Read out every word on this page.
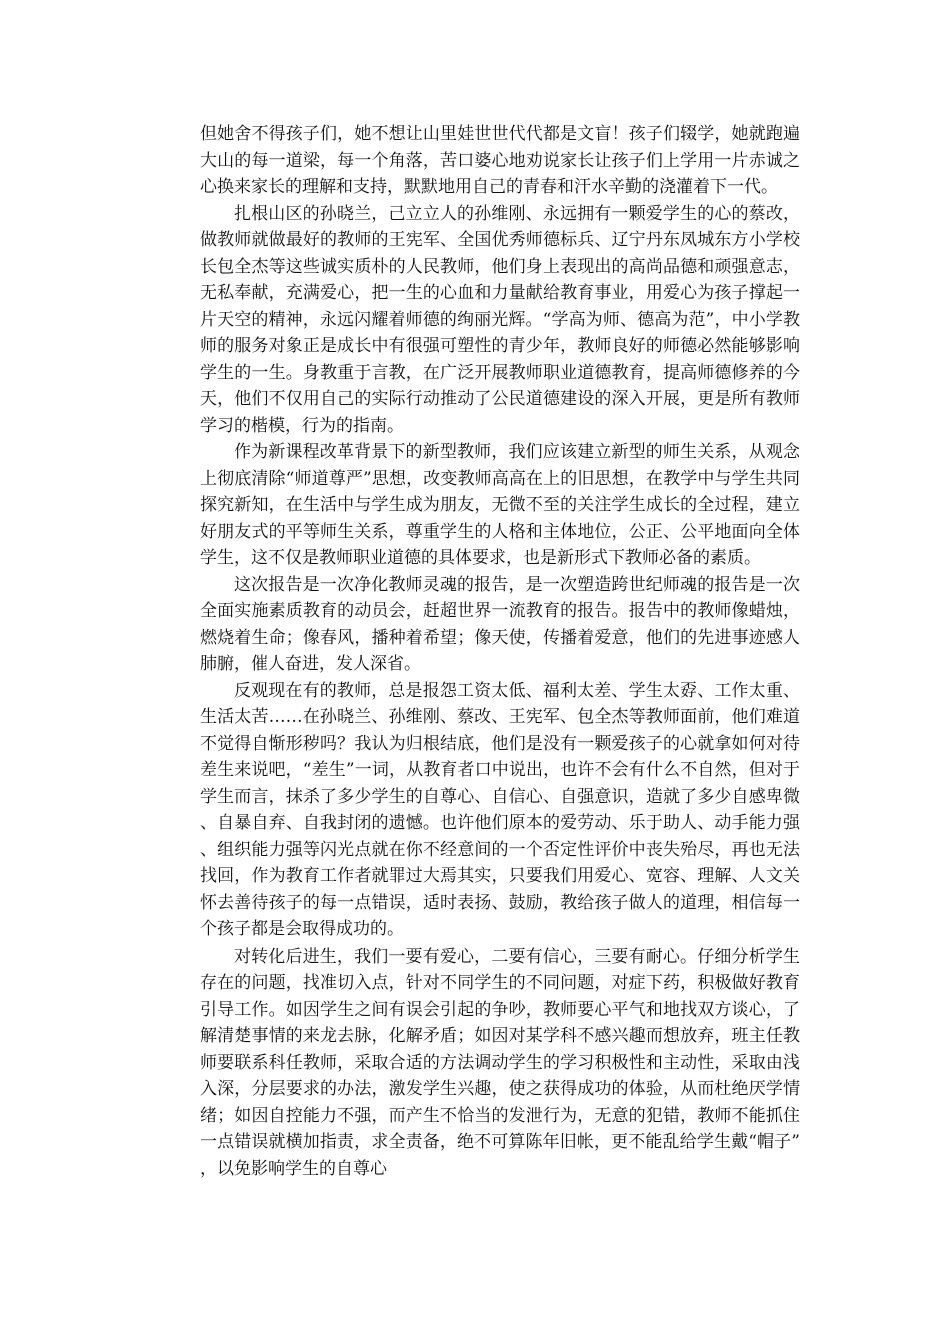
但她舍不得孩子们，她不想让山里娃世世代代都是文盲！孩子们辍学，她就跑遍大山的每一道梁，每一个角落，苦口婆心地劝说家长让孩子们上学用一片赤诚之心换来家长的理解和支持，默默地用自己的青春和汗水辛勤的浇灌着下一代。

扎根山区的孙晓兰，己立立人的孙维刚、永远拥有一颗爱学生的心的蔡改，做教师就做最好的教师的王宪军、全国优秀师德标兵、辽宁丹东凤城东方小学校长包全杰等这些诚实质朴的人民教师，他们身上表现出的高尚品德和顽强意志，无私奉献，充满爱心，把一生的心血和力量献给教育事业，用爱心为孩子撑起一片天空的精神，永远闪耀着师德的绚丽光辉。“学高为师、德高为范”，中小学教师的服务对象正是成长中有很强可塑性的青少年，教师良好的师德必然能够影响学生的一生。身教重于言教，在广泛开展教师职业道德教育，提高师德修养的今天，他们不仅用自己的实际行动推动了公民道德建设的深入开展，更是所有教师学习的楷模，行为的指南。

作为新课程改革背景下的新型教师，我们应该建立新型的师生关系，从观念上彻底清除“师道尊严”思想，改变教师高高在上的旧思想，在教学中与学生共同探究新知，在生活中与学生成为朋友，无微不至的关注学生成长的全过程，建立好朋友式的平等师生关系，尊重学生的人格和主体地位，公正、公平地面向全体学生，这不仅是教师职业道德的具体要求，也是新形式下教师必备的素质。

这次报告是一次净化教师灵魂的报告，是一次塑造跨世纪师魂的报告是一次全面实施素质教育的动员会，赶超世界一流教育的报告。报告中的教师像蜡烛，燃烧着生命；像春风，播种着希望；像天使，传播着爱意，他们的先进事迹感人肺腑，催人奋进，发人深省。

反观现在有的教师，总是报怨工资太低、福利太差、学生太孬、工作太重、生活太苦……在孙晓兰、孙维刚、蔡改、王宪军、包全杰等教师面前，他们难道不觉得自惭形秽吗？我认为归根结底，他们是没有一颗爱孩子的心就拿如何对待差生来说吧，“差生”一词，从教育者口中说出，也许不会有什么不自然，但对于学生而言，抹杀了多少学生的自尊心、自信心、自强意识，造就了多少自感卑微、自暴自弃、自我封闭的遗憾。也许他们原本的爱劳动、乐于助人、动手能力强、组织能力强等闪光点就在你不经意间的一个否定性评价中丧失殆尽，再也无法找回，作为教育工作者就罪过大焉其实，只要我们用爱心、宽容、理解、人文关怀去善待孩子的每一点错误，适时表扬、鼓励，教给孩子做人的道理，相信每一个孩子都是会取得成功的。

对转化后进生，我们一要有爱心，二要有信心，三要有耐心。仔细分析学生存在的问题，找准切入点，针对不同学生的不同问题，对症下药，积极做好教育引导工作。如因学生之间有误会引起的争吵，教师要心平气和地找双方谈心，了解清楚事情的来龙去脉，化解矛盾；如因对某学科不感兴趣而想放弃，班主任教师要联系科任教师，采取合适的方法调动学生的学习积极性和主动性，采取由浅入深，分层要求的办法，激发学生兴趣，使之获得成功的体验，从而杜绝厌学情绪；如因自控能力不强，而产生不恰当的发泄行为，无意的犯错，教师不能抓住一点错误就横加指责，求全责备，绝不可算陈年旧帐，更不能乱给学生戴“帽子”，以免影响学生的自尊心
